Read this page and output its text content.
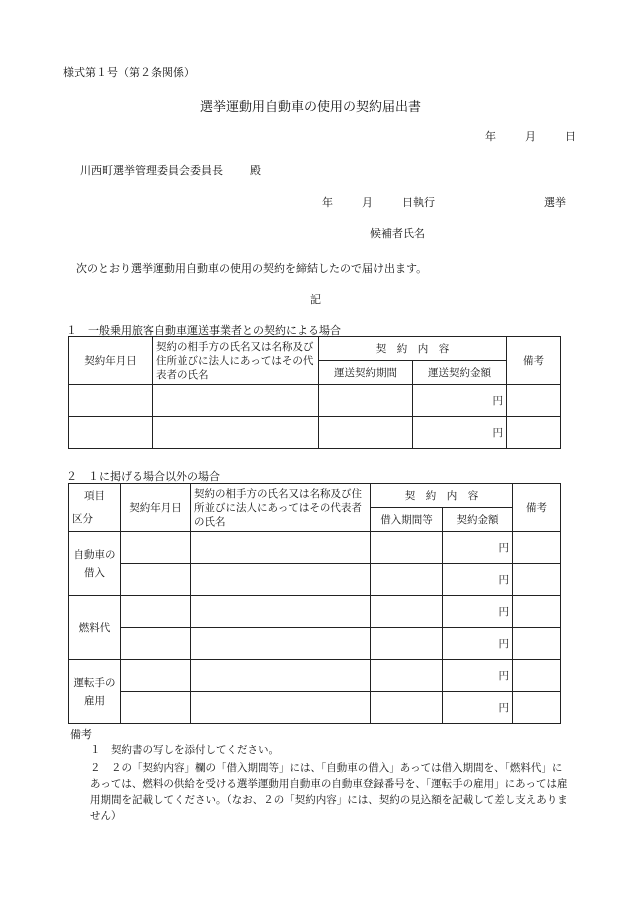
様式第１号（第２条関係）
選挙運動用自動車の使用の契約届出書
年	月	日
川西町選挙管理委員会委員長 殿
年	月	日執行	選挙
候補者氏名
次のとおり選挙運動用自動車の使用の契約を締結したので届け出ます。
記
１　一般乗用旅客自動車運送事業者との契約による場合
契約年月日	契約の相手方の氏名又は名称及び住所並びに法人にあってはその代表者の氏名	契　約　内　容		備考
		運送契約期間	運送契約金額	
			円	
			円	
２　１に掲げる場合以外の場合
項目	契約年月日	契約の相手方の氏名又は名称及び住所並びに法人にあってはその代表者の氏名	契　約　内　容		備考
区分			借入期間等	契約金額	
自動車の借入				円	
				円	
燃料代				円	
				円	
運転手の雇用				円	
				円	
備考
１　契約書の写しを添付してください。
２　２の「契約内容」欄の「借入期間等」には、「自動車の借入」あっては借入期間を、「燃料代」にあっては、燃料の供給を受ける選挙運動用自動車の自動車登録番号を、「運転手の雇用」にあっては雇用期間を記載してください。（なお、２の「契約内容」には、契約の見込額を記載して差し支えありません）
